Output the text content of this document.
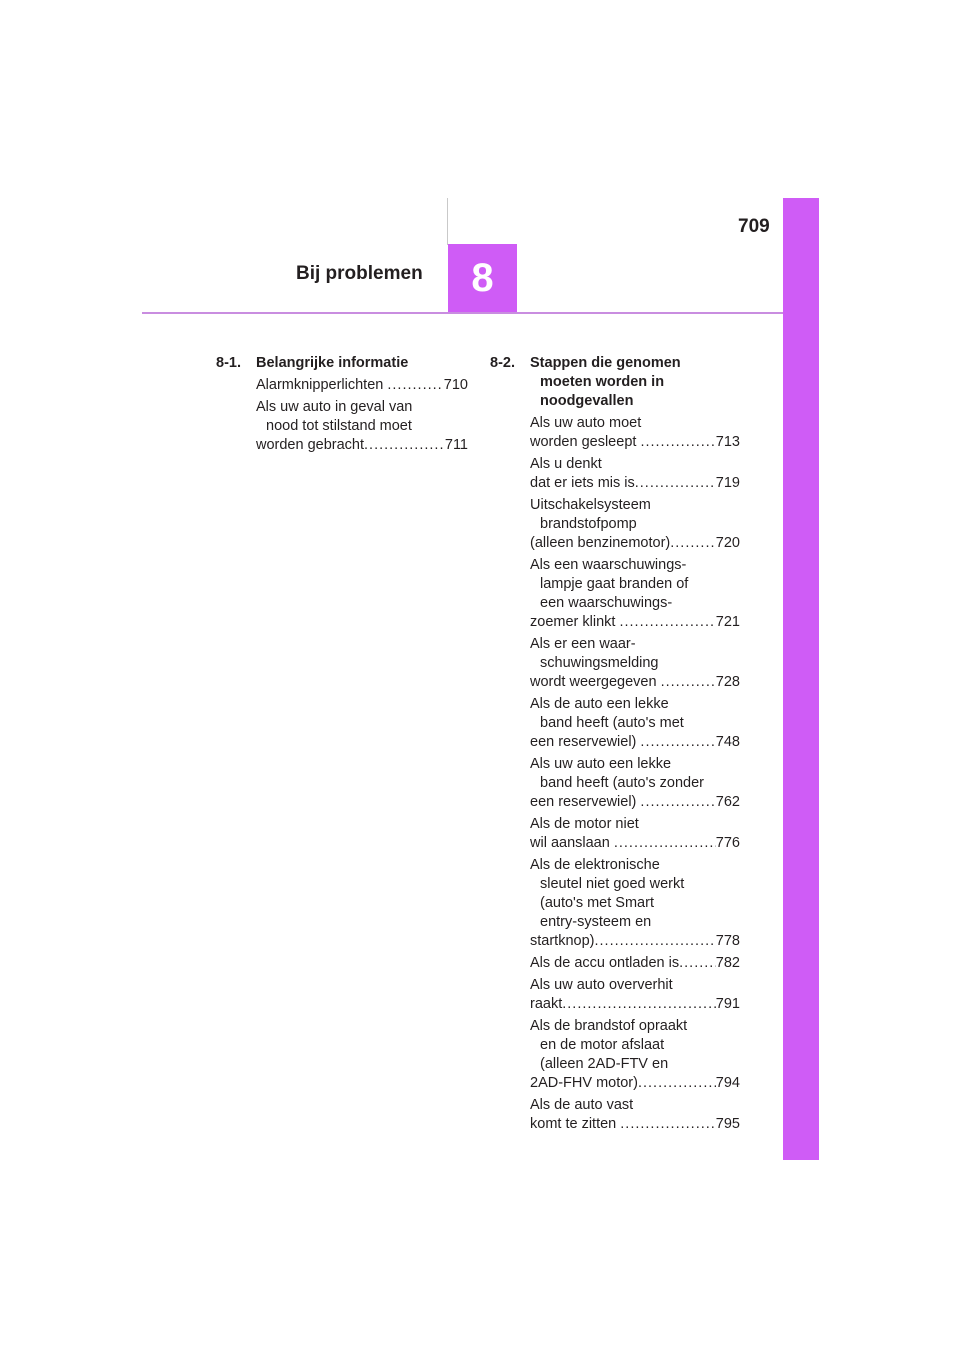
709
Bij problemen 8
8-1.	Belangrijke informatie
Alarmknipperlichten .....	710
Als uw auto in geval van
nood tot stilstand moet
worden gebracht .....	711
8-2.	Stappen die genomen
moeten worden in
noodgevallen
Als uw auto moet
worden gesleept .....	713
Als u denkt
dat er iets mis is .....	719
Uitschakelsysteem
brandstofpomp
(alleen benzinemotor) .....	720
Als een waarschuwings-
lampje gaat branden of
een waarschuwings-
zoemer klinkt .....	721
Als er een waar-
schuwingsmelding
wordt weergegeven .....	728
Als de auto een lekke
band heeft (auto's met
een reservewiel) .....	748
Als uw auto een lekke
band heeft (auto's zonder
een reservewiel) .....	762
Als de motor niet
wil aanslaan .....	776
Als de elektronische
sleutel niet goed werkt
(auto's met Smart
entry-systeem en
startknop) .....	778
Als de accu ontladen is .....	782
Als uw auto oververhit
raakt .....	791
Als de brandstof opraakt
en de motor afslaat
(alleen 2AD-FTV en
2AD-FHV motor) .....	794
Als de auto vast
komt te zitten .....	795
